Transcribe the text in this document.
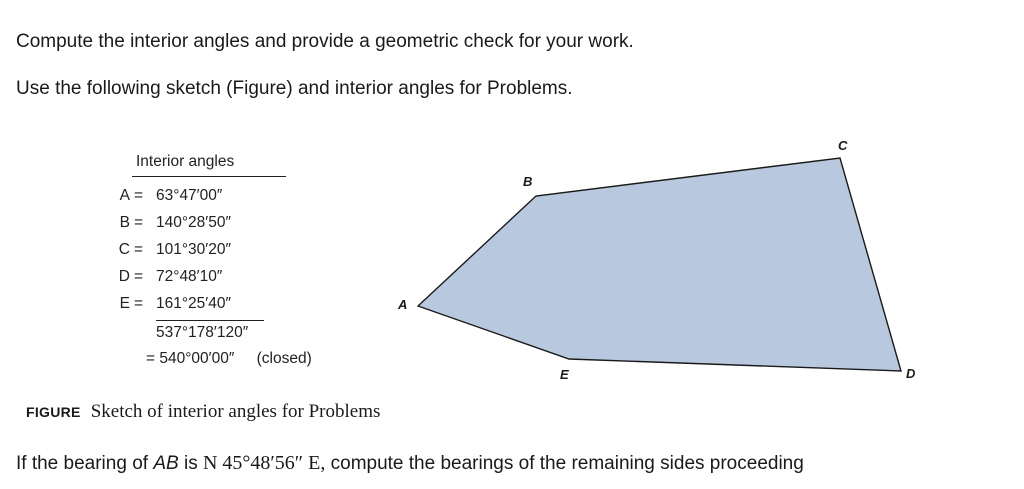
Compute the interior angles and provide a geometric check for your work.

Use the following sketch (Figure) and interior angles for Problems.

Interior angles
A = 63°47′00″
B = 140°28′50″
C = 101°30′20″
D = 72°48′10″
E = 161°25′40″
537°178′120″
= 540°00′00″ (closed)
A
B
C
D
E
FIGURE Sketch of interior angles for Problems

If the bearing of AB is N 45°48′56″ E, compute the bearings of the remaining sides proceeding
